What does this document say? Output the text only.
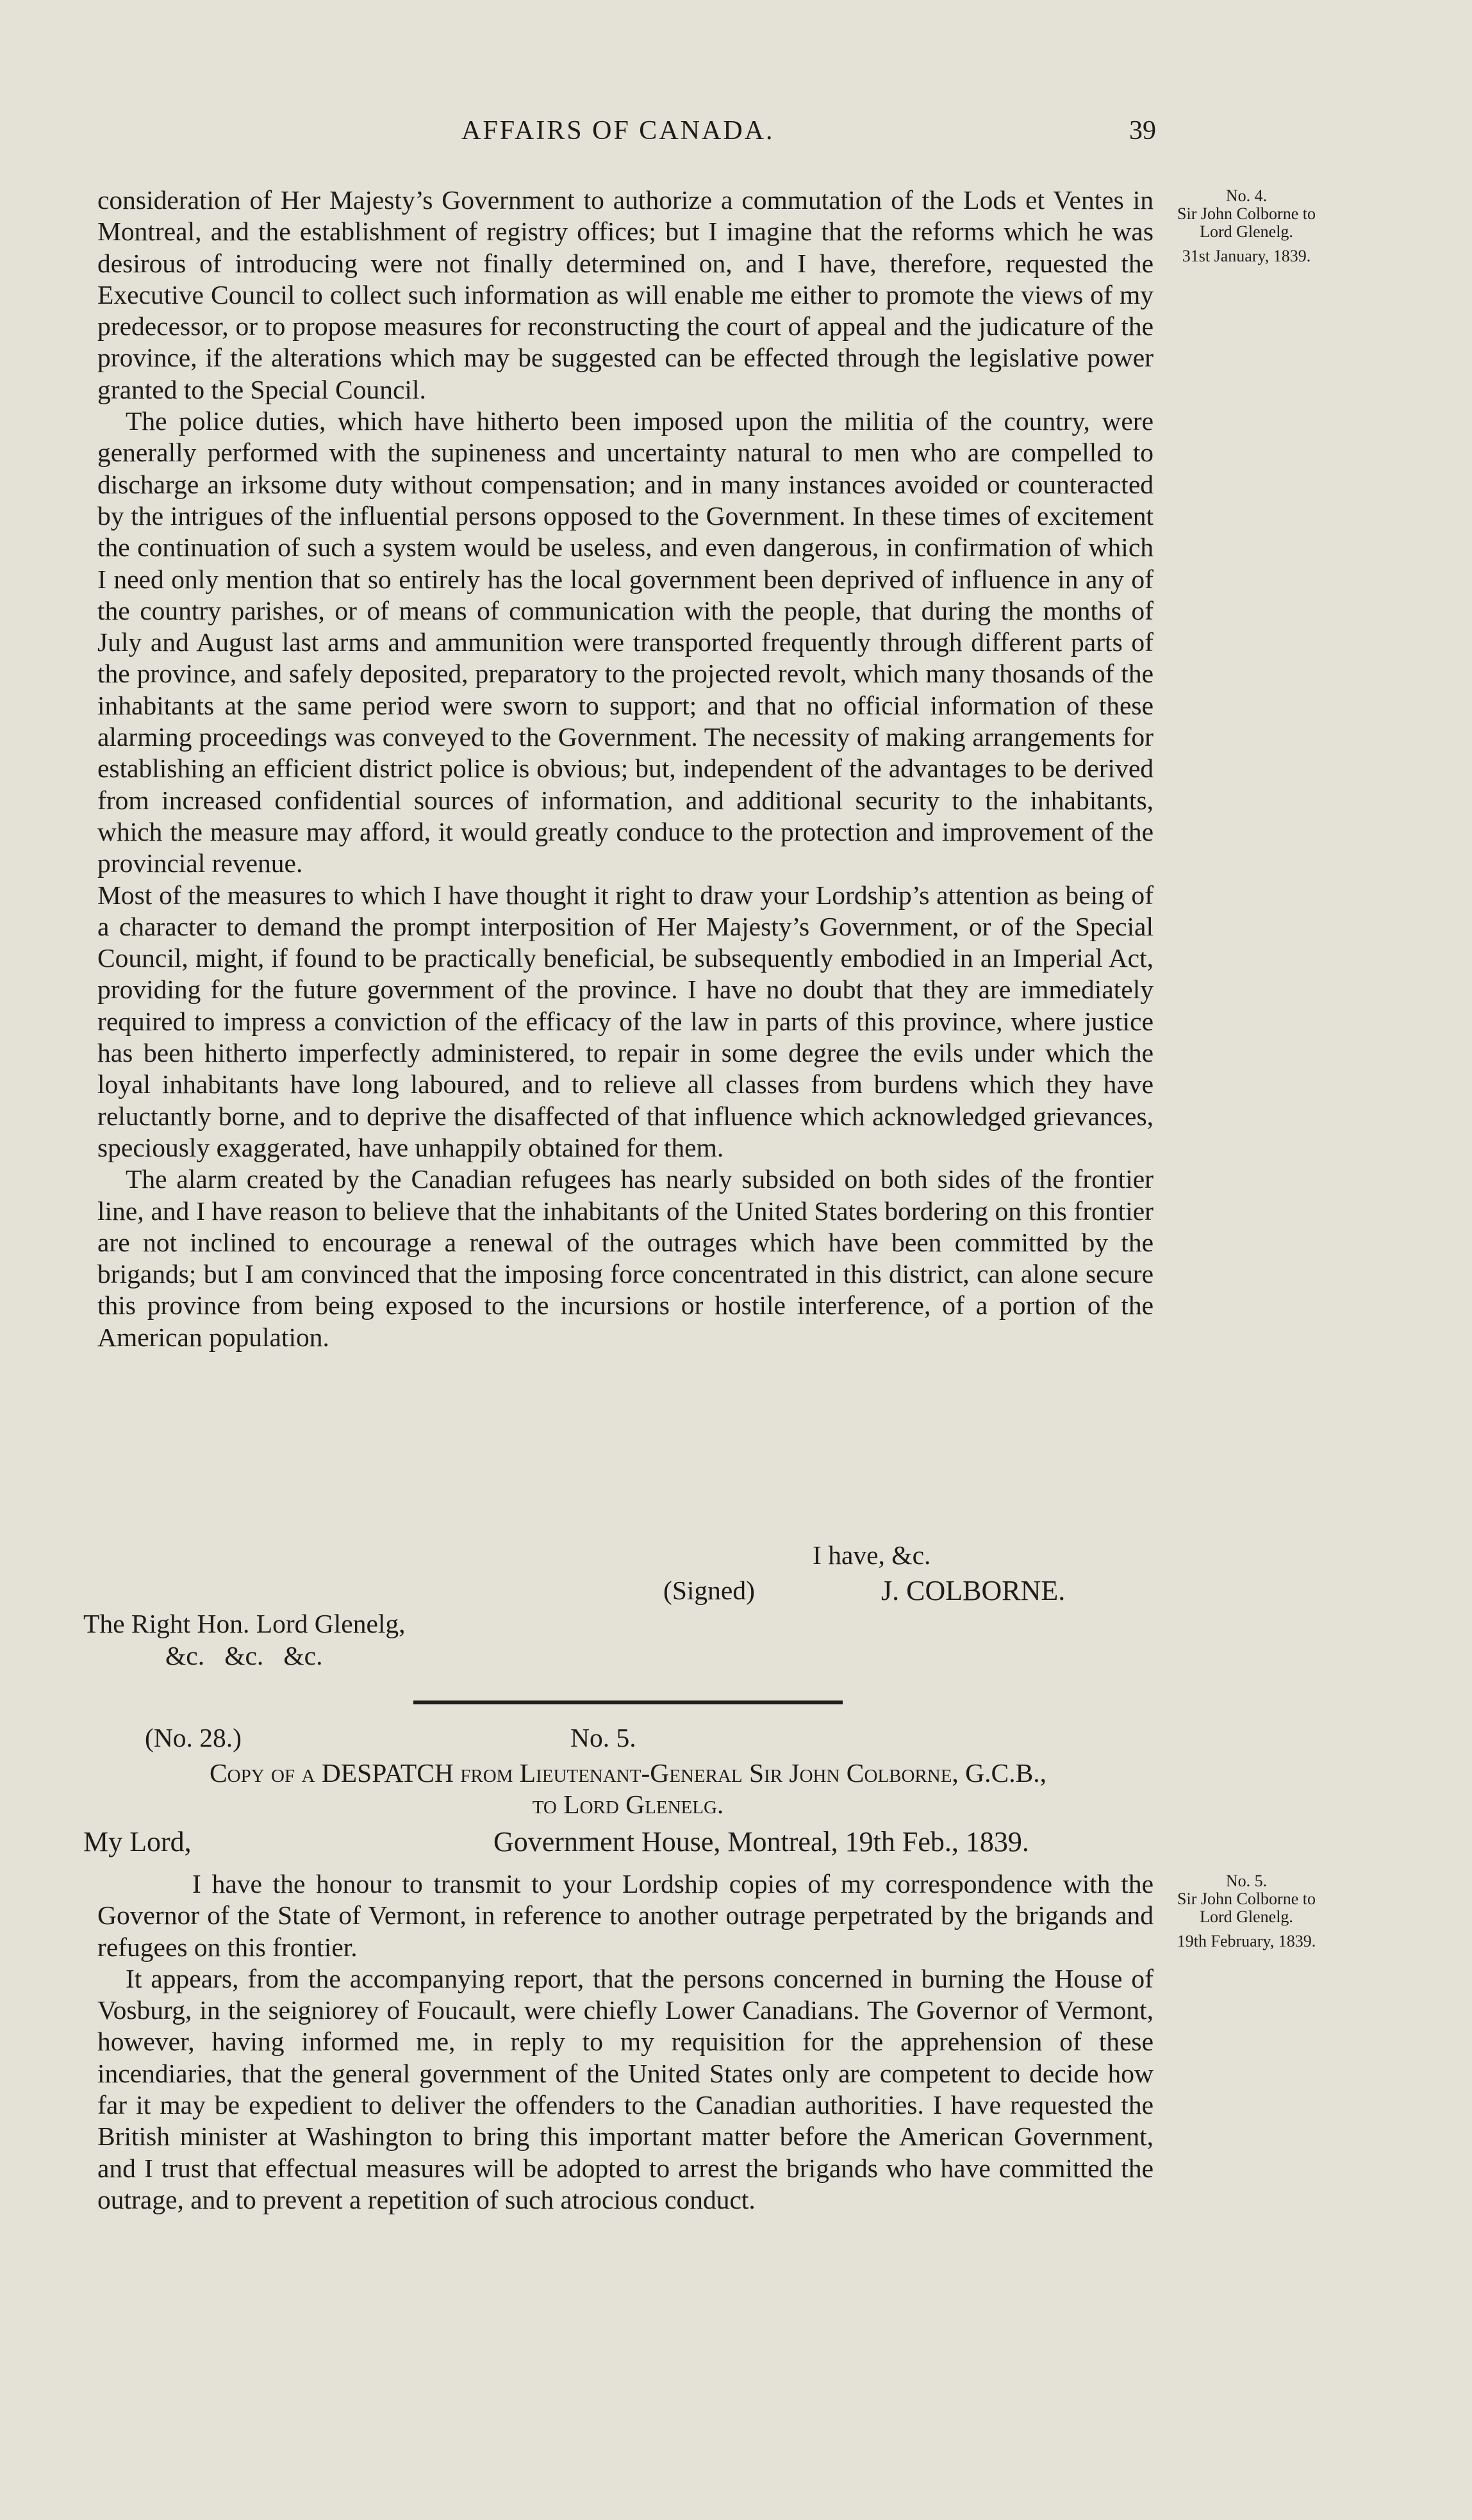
AFFAIRS OF CANADA.	39
No. 4.
Sir John Colborne to
Lord Glenelg.
31st January, 1839.

consideration of Her Majesty’s Government to authorize a commutation of the Lods et Ventes in Montreal, and the establishment of registry offices; but I imagine that the reforms which he was desirous of introducing were not finally determined on, and I have, therefore, requested the Executive Council to collect such information as will enable me either to promote the views of my predecessor, or to propose measures for reconstructing the court of appeal and the judicature of the province, if the alterations which may be suggested can be effected through the legislative power granted to the Special Council.

The police duties, which have hitherto been imposed upon the militia of the country, were generally performed with the supineness and uncertainty natural to men who are compelled to discharge an irksome duty without compensation; and in many instances avoided or counteracted by the intrigues of the influential persons opposed to the Government. In these times of excitement the continuation of such a system would be useless, and even dangerous, in confirmation of which I need only mention that so entirely has the local government been deprived of influence in any of the country parishes, or of means of communication with the people, that during the months of July and August last arms and ammunition were transported frequently through different parts of the province, and safely deposited, preparatory to the projected revolt, which many thosands of the inhabitants at the same period were sworn to support; and that no official information of these alarming proceedings was conveyed to the Government. The necessity of making arrangements for establishing an efficient district police is obvious; but, independent of the advantages to be derived from increased confidential sources of information, and additional security to the inhabitants, which the measure may afford, it would greatly conduce to the protection and improvement of the provincial revenue.

Most of the measures to which I have thought it right to draw your Lordship’s attention as being of a character to demand the prompt interposition of Her Majesty’s Government, or of the Special Council, might, if found to be practically beneficial, be subsequently embodied in an Imperial Act, providing for the future government of the province. I have no doubt that they are immediately required to impress a conviction of the efficacy of the law in parts of this province, where justice has been hitherto imperfectly administered, to repair in some degree the evils under which the loyal inhabitants have long laboured, and to relieve all classes from burdens which they have reluctantly borne, and to deprive the disaffected of that influence which acknowledged grievances, speciously exaggerated, have unhappily obtained for them.

The alarm created by the Canadian refugees has nearly subsided on both sides of the frontier line, and I have reason to believe that the inhabitants of the United States bordering on this frontier are not inclined to encourage a renewal of the outrages which have been committed by the brigands; but I am convinced that the imposing force concentrated in this district, can alone secure this province from being exposed to the incursions or hostile interference, of a portion of the American population.

I have, &c.
(Signed)	J. COLBORNE.
The Right Hon. Lord Glenelg,
&c.   &c.   &c.
(No. 28.)	No. 5.
Copy of a DESPATCH from Lieutenant-General Sir John Colborne, G.C.B.,
to Lord Glenelg.
My Lord,	Government House, Montreal, 19th Feb., 1839.
No. 5.
Sir John Colborne to
Lord Glenelg.
19th February, 1839.

I have the honour to transmit to your Lordship copies of my correspondence with the Governor of the State of Vermont, in reference to another outrage perpetrated by the brigands and refugees on this frontier.

It appears, from the accompanying report, that the persons concerned in burning the House of Vosburg, in the seigniorey of Foucault, were chiefly Lower Canadians. The Governor of Vermont, however, having informed me, in reply to my requisition for the apprehension of these incendiaries, that the general government of the United States only are competent to decide how far it may be expedient to deliver the offenders to the Canadian authorities. I have requested the British minister at Washington to bring this important matter before the American Government, and I trust that effectual measures will be adopted to arrest the brigands who have committed the outrage, and to prevent a repetition of such atrocious conduct.
